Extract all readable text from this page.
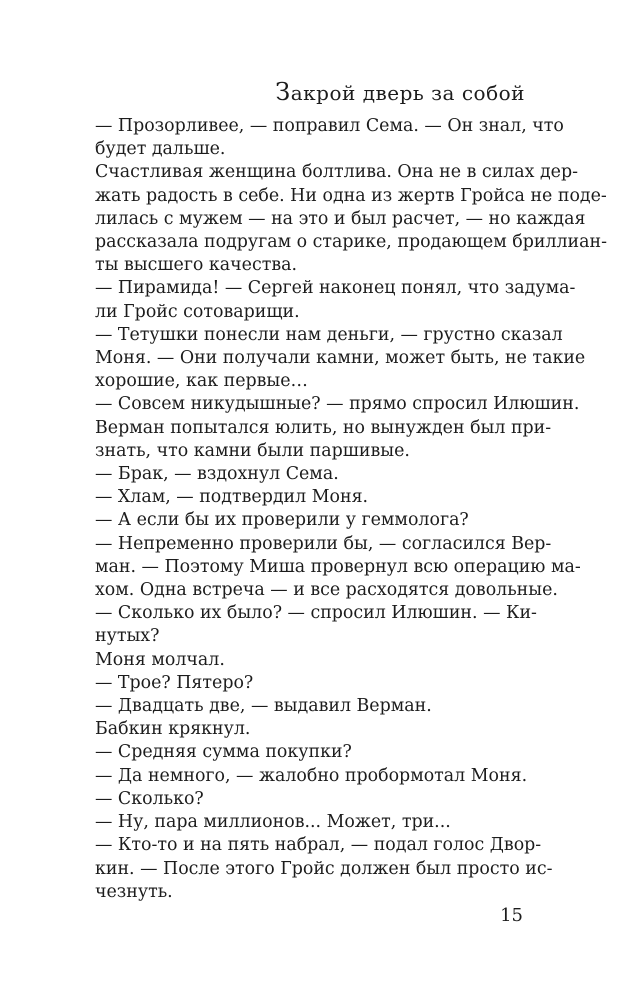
Закрой дверь за собой
— Прозорливее, — поправил Сема. — Он знал, что
будет дальше.
Счастливая женщина болтлива. Она не в силах дер-
жать радость в себе. Ни одна из жертв Гройса не поде-
лилась с мужем — на это и был расчет, — но каждая
рассказала подругам о старике, продающем бриллиан-
ты высшего качества.
— Пирамида! — Сергей наконец понял, что задума-
ли Гройс сотоварищи.
— Тетушки понесли нам деньги, — грустно сказал
Моня. — Они получали камни, может быть, не такие
хорошие, как первые…
— Совсем никудышные? — прямо спросил Илюшин.
Верман попытался юлить, но вынужден был при-
знать, что камни были паршивые.
— Брак, — вздохнул Сема.
— Хлам, — подтвердил Моня.
— А если бы их проверили у геммолога?
— Непременно проверили бы, — согласился Вер-
ман. — Поэтому Миша провернул всю операцию ма-
хом. Одна встреча — и все расходятся довольные.
— Сколько их было? — спросил Илюшин. — Ки-
нутых?
Моня молчал.
— Трое? Пятеро?
— Двадцать две, — выдавил Верман.
Бабкин крякнул.
— Средняя сумма покупки?
— Да немного, — жалобно пробормотал Моня.
— Сколько?
— Ну, пара миллионов... Может, три...
— Кто-то и на пять набрал, — подал голос Двор-
кин. — После этого Гройс должен был просто ис-
чезнуть.
15
